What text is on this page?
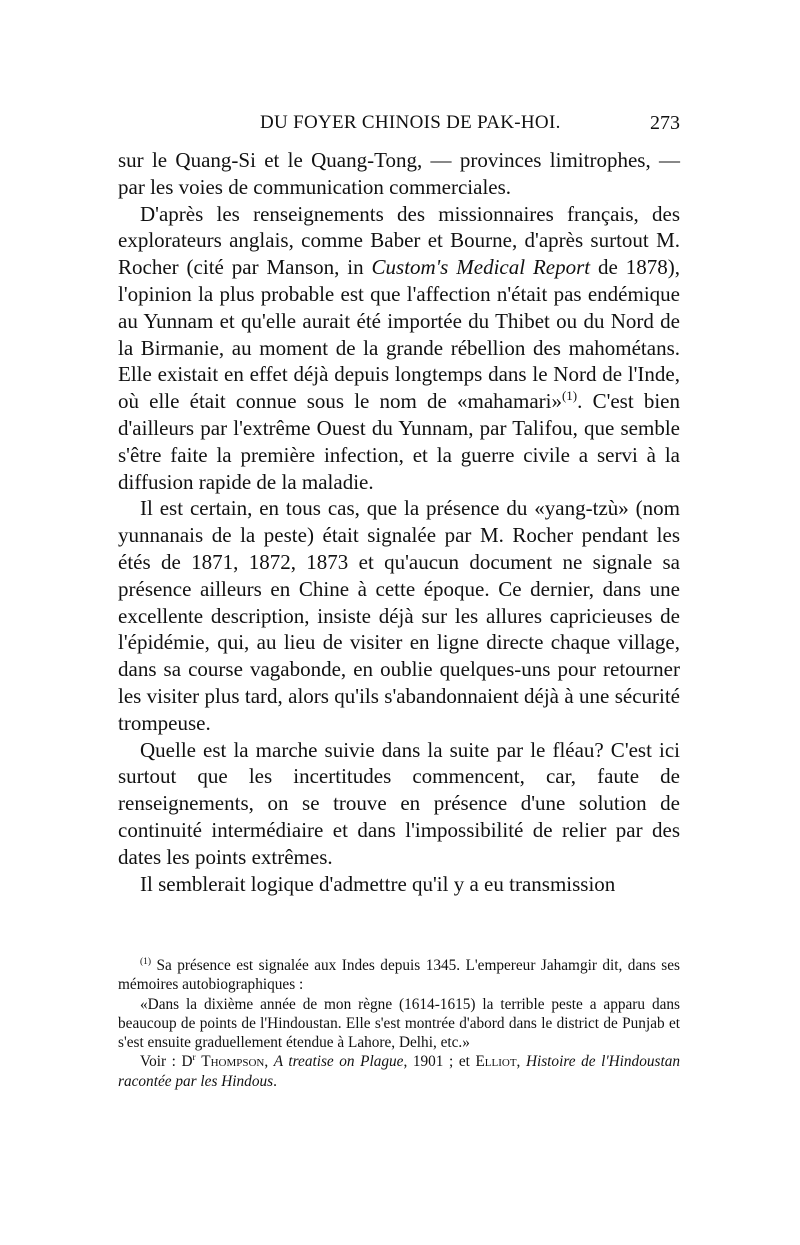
DU FOYER CHINOIS DE PAK-HOI.	273

sur le Quang-Si et le Quang-Tong, — provinces limitrophes, — par les voies de communication commerciales.

D'après les renseignements des missionnaires français, des explorateurs anglais, comme Baber et Bourne, d'après surtout M. Rocher (cité par Manson, in Custom's Medical Report de 1878), l'opinion la plus probable est que l'affection n'était pas endémique au Yunnam et qu'elle aurait été importée du Thibet ou du Nord de la Birmanie, au moment de la grande rébellion des mahométans. Elle existait en effet déjà depuis longtemps dans le Nord de l'Inde, où elle était connue sous le nom de «mahamari»$^{(1)}$. C'est bien d'ailleurs par l'extrême Ouest du Yunnam, par Talifou, que semble s'être faite la première infection, et la guerre civile a servi à la diffusion rapide de la maladie.

Il est certain, en tous cas, que la présence du «yang-tzù» (nom yunnanais de la peste) était signalée par M. Rocher pendant les étés de 1871, 1872, 1873 et qu'aucun document ne signale sa présence ailleurs en Chine à cette époque. Ce dernier, dans une excellente description, insiste déjà sur les allures capricieuses de l'épidémie, qui, au lieu de visiter en ligne directe chaque village, dans sa course vagabonde, en oublie quelques-uns pour retourner les visiter plus tard, alors qu'ils s'abandonnaient déjà à une sécurité trompeuse.

Quelle est la marche suivie dans la suite par le fléau? C'est ici surtout que les incertitudes commencent, car, faute de renseignements, on se trouve en présence d'une solution de continuité intermédiaire et dans l'impossibilité de relier par des dates les points extrêmes.

Il semblerait logique d'admettre qu'il y a eu transmission

$^{(1)}$ Sa présence est signalée aux Indes depuis 1345. L'empereur Jahamgir dit, dans ses mémoires autobiographiques :

«Dans la dixième année de mon règne (1614-1615) la terrible peste a apparu dans beaucoup de points de l'Hindoustan. Elle s'est montrée d'abord dans le district de Punjab et s'est ensuite graduellement étendue à Lahore, Delhi, etc.»

Voir : $D^r$ Thompson, A treatise on Plague, 1901 ; et Elliot, Histoire de l'Hindoustan racontée par les Hindous.
